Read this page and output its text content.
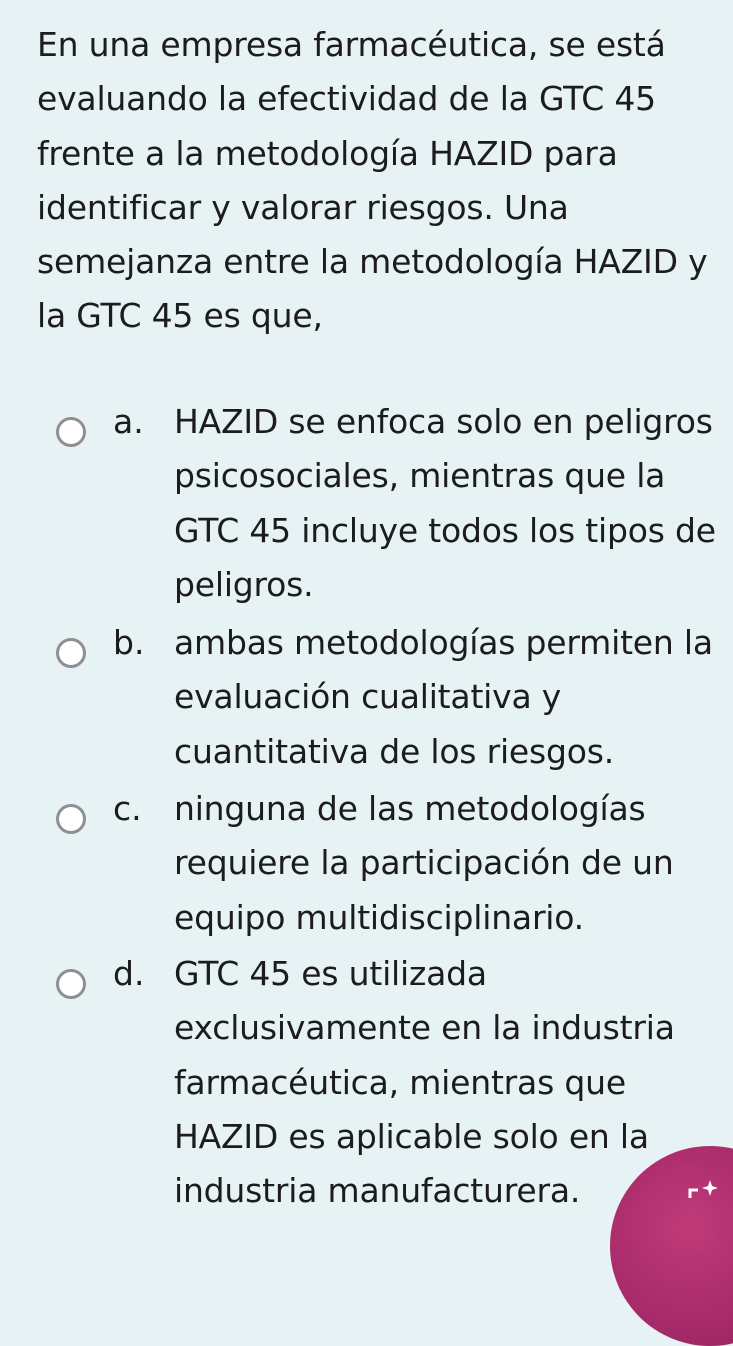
En una empresa farmacéutica, se está evaluando la efectividad de la GTC 45 frente a la metodología HAZID para identificar y valorar riesgos. Una semejanza entre la metodología HAZID y la GTC 45 es que,
a. HAZID se enfoca solo en peligros psicosociales, mientras que la GTC 45 incluye todos los tipos de peligros.
b. ambas metodologías permiten la evaluación cualitativa y cuantitativa de los riesgos.
c. ninguna de las metodologías requiere la participación de un equipo multidisciplinario.
d. GTC 45 es utilizada exclusivamente en la industria farmacéutica, mientras que HAZID es aplicable solo en la industria manufacturera.
